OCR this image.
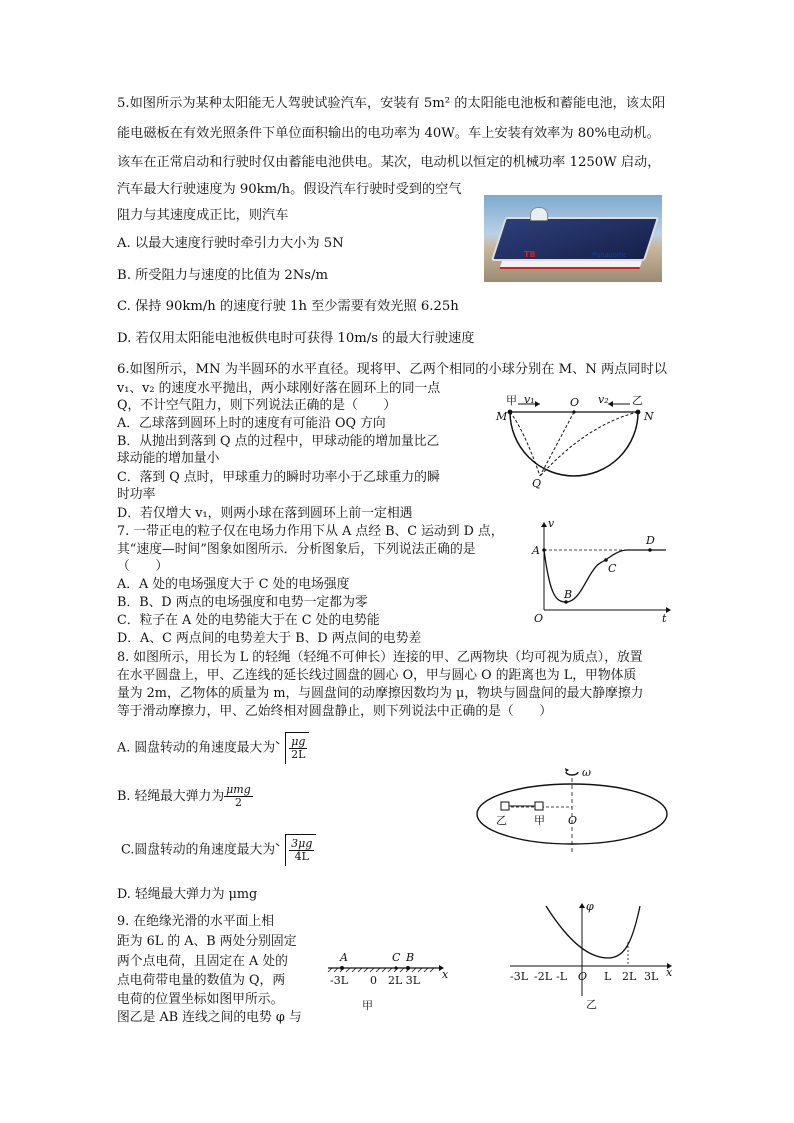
5.如图所示为某种太阳能无人驾驶试验汽车，安装有 5m² 的太阳能电池板和蓄能电池，该太阳
能电磁板在有效光照条件下单位面积输出的电功率为 40W。车上安装有效率为 80%电动机。
该车在正常启动和行驶时仅由蓄能电池供电。某次，电动机以恒定的机械功率 1250W 启动，
汽车最大行驶速度为 90km/h。假设汽车行驶时受到的空气
阻力与其速度成正比，则汽车
A. 以最大速度行驶时牵引力大小为 5N
B. 所受阻力与速度的比值为 2Ns/m
C. 保持 90km/h 的速度行驶 1h 至少需要有效光照 6.25h
D. 若仅用太阳能电池板供电时可获得 10m/s 的最大行驶速度
TB	Panasonic
6.如图所示，MN 为半圆环的水平直径。现将甲、乙两个相同的小球分别在 M、N 两点同时以
v₁、v₂ 的速度水平抛出，两小球刚好落在圆环上的同一点
Q，不计空气阻力，则下列说法正确的是（　　）
A．乙球落到圆环上时的速度有可能沿 OQ 方向
B．从抛出到落到 Q 点的过程中，甲球动能的增加量比乙
球动能的增加量小
C．落到 Q 点时，甲球重力的瞬时功率小于乙球重力的瞬
时功率
D．若仅增大 v₁，则两小球在落到圆环上前一定相遇
甲 v₁	v₂ 乙
M	N
O
Q
7. 一带正电的粒子仅在电场力作用下从 A 点经 B、C 运动到 D 点，
其“速度—时间”图象如图所示．分析图象后，下列说法正确的是
（　　）
A．A 处的电场强度大于 C 处的电场强度
B．B、D 两点的电场强度和电势一定都为零
C．粒子在 A 处的电势能大于在 C 处的电势能
D．A、C 两点间的电势差大于 B、D 两点间的电势差
v
t
O
A
B
C
D
8. 如图所示，用长为 L 的轻绳（轻绳不可伸长）连接的甲、乙两物块（均可视为质点），放置
在水平圆盘上，甲、乙连线的延长线过圆盘的圆心 O，甲与圆心 O 的距离也为 L，甲物体质
量为 2m，乙物体的质量为 m，与圆盘间的动摩擦因数均为 μ，物块与圆盘间的最大静摩擦力
等于滑动摩擦力，甲、乙始终相对圆盘静止，则下列说法中正确的是（　　）
A. 圆盘转动的角速度最大为 $\frac{\mu g}{2L}$
B. 轻绳最大弹力为 $\frac{\text{μmg}}{2}$
C.圆盘转动的角速度最大为 $\frac{3\mu g}{4L}$
D. 轻绳最大弹力为 μmg
ω
乙 甲 O
9. 在绝缘光滑的水平面上相
距为 6L 的 A、B 两处分别固定
两个点电荷，且固定在 A 处的
点电荷带电量的数值为 Q，两
电荷的位置坐标如图甲所示。
图乙是 AB 连线之间的电势 φ 与
A	C B
x
-3L 0 2L 3L
甲
φ
x
-3L -2L -L O L 2L 3L
乙
